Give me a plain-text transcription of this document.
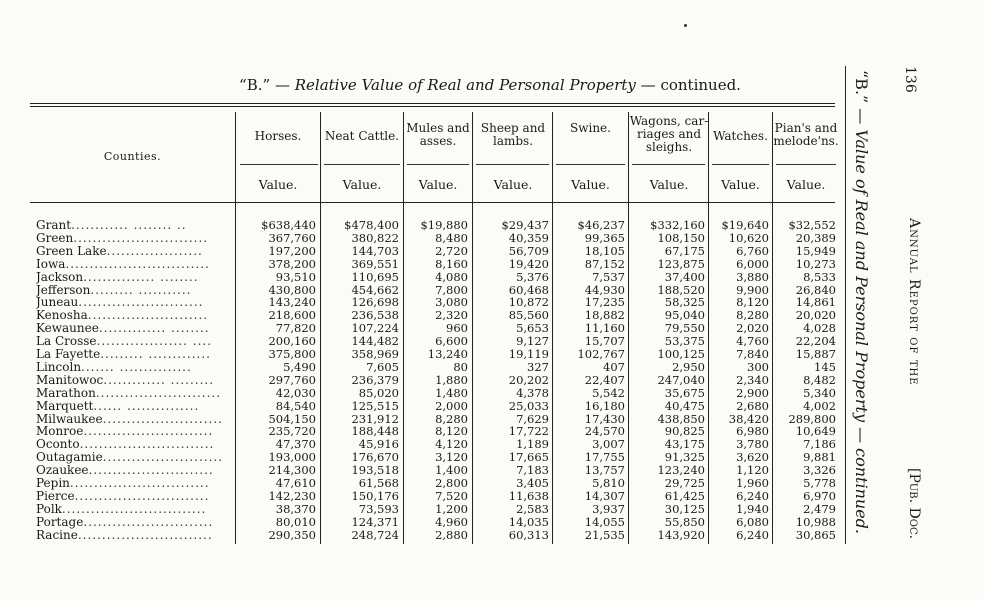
“B.” — Relative Value of Real and Personal Property — continued.
Counties.
Horses.	Neat Cattle.
Mules and asses.
Sheep and lambs.
Swine.	Wagons, car-riages and sleighs.
Watches.
Pian's and melode'ns.
Value.	Value.	Value.	Value.	Value.	Value.	Value.	Value.
Grant............ ........ ..	$638,440	$478,400	$19,880	$29,437	$46,237	$332,160	$19,640	$32,552
Green............................	367,760	380,822	8,480	40,359	99,365	108,150	10,620	20,389
Green Lake....................	197,200	144,703	2,720	56,709	18,105	67,175	6,760	15,949
Iowa..............................	378,200	369,551	8,160	19,420	87,152	123,875	6,000	10,273
Jackson............... ........	93,510	110,695	4,080	5,376	7,537	37,400	3,880	8,533
Jefferson......... ...........	430,800	454,662	7,800	60,468	44,930	188,520	9,900	26,840
Juneau..........................	143,240	126,698	3,080	10,872	17,235	58,325	8,120	14,861
Kenosha.........................	218,600	236,538	2,320	85,560	18,882	95,040	8,280	20,020
Kewaunee.............. ........	77,820	107,224	960	5,653	11,160	79,550	2,020	4,028
La Crosse................... ....	200,160	144,482	6,600	9,127	15,707	53,375	4,760	22,204
La Fayette......... .............	375,800	358,969	13,240	19,119	102,767	100,125	7,840	15,887
Lincoln....... ...............	5,490	7,605	80	327	407	2,950	300	145
Manitowoc............. .........	297,760	236,379	1,880	20,202	22,407	247,040	2,340	8,482
Marathon..........................	42,030	85,020	1,480	4,378	5,542	35,675	2,900	5,340
Marquett...... ...............	84,540	125,515	2,000	25,033	16,180	40,475	2,680	4,002
Milwaukee.........................	504,150	231,912	8,280	7,629	17,430	438,850	38,420	289,800
Monroe...........................	235,720	188,448	8,120	17,722	24,570	90,825	6,980	10,649
Oconto............................	47,370	45,916	4,120	1,189	3,007	43,175	3,780	7,186
Outagamie.........................	193,000	176,670	3,120	17,665	17,755	91,325	3,620	9,881
Ozaukee..........................	214,300	193,518	1,400	7,183	13,757	123,240	1,120	3,326
Pepin.............................	47,610	61,568	2,800	3,405	5,810	29,725	1,960	5,778
Pierce............................	142,230	150,176	7,520	11,638	14,307	61,425	6,240	6,970
Polk..............................	38,370	73,593	1,200	2,583	3,937	30,125	1,940	2,479
Portage...........................	80,010	124,371	4,960	14,035	14,055	55,850	6,080	10,988
Racine............................	290,350	248,724	2,880	60,313	21,535	143,920	6,240	30,865
“B.” — Value of Real and Personal Property — continued.
136
Annual Report of the
[Pub. Doc.
